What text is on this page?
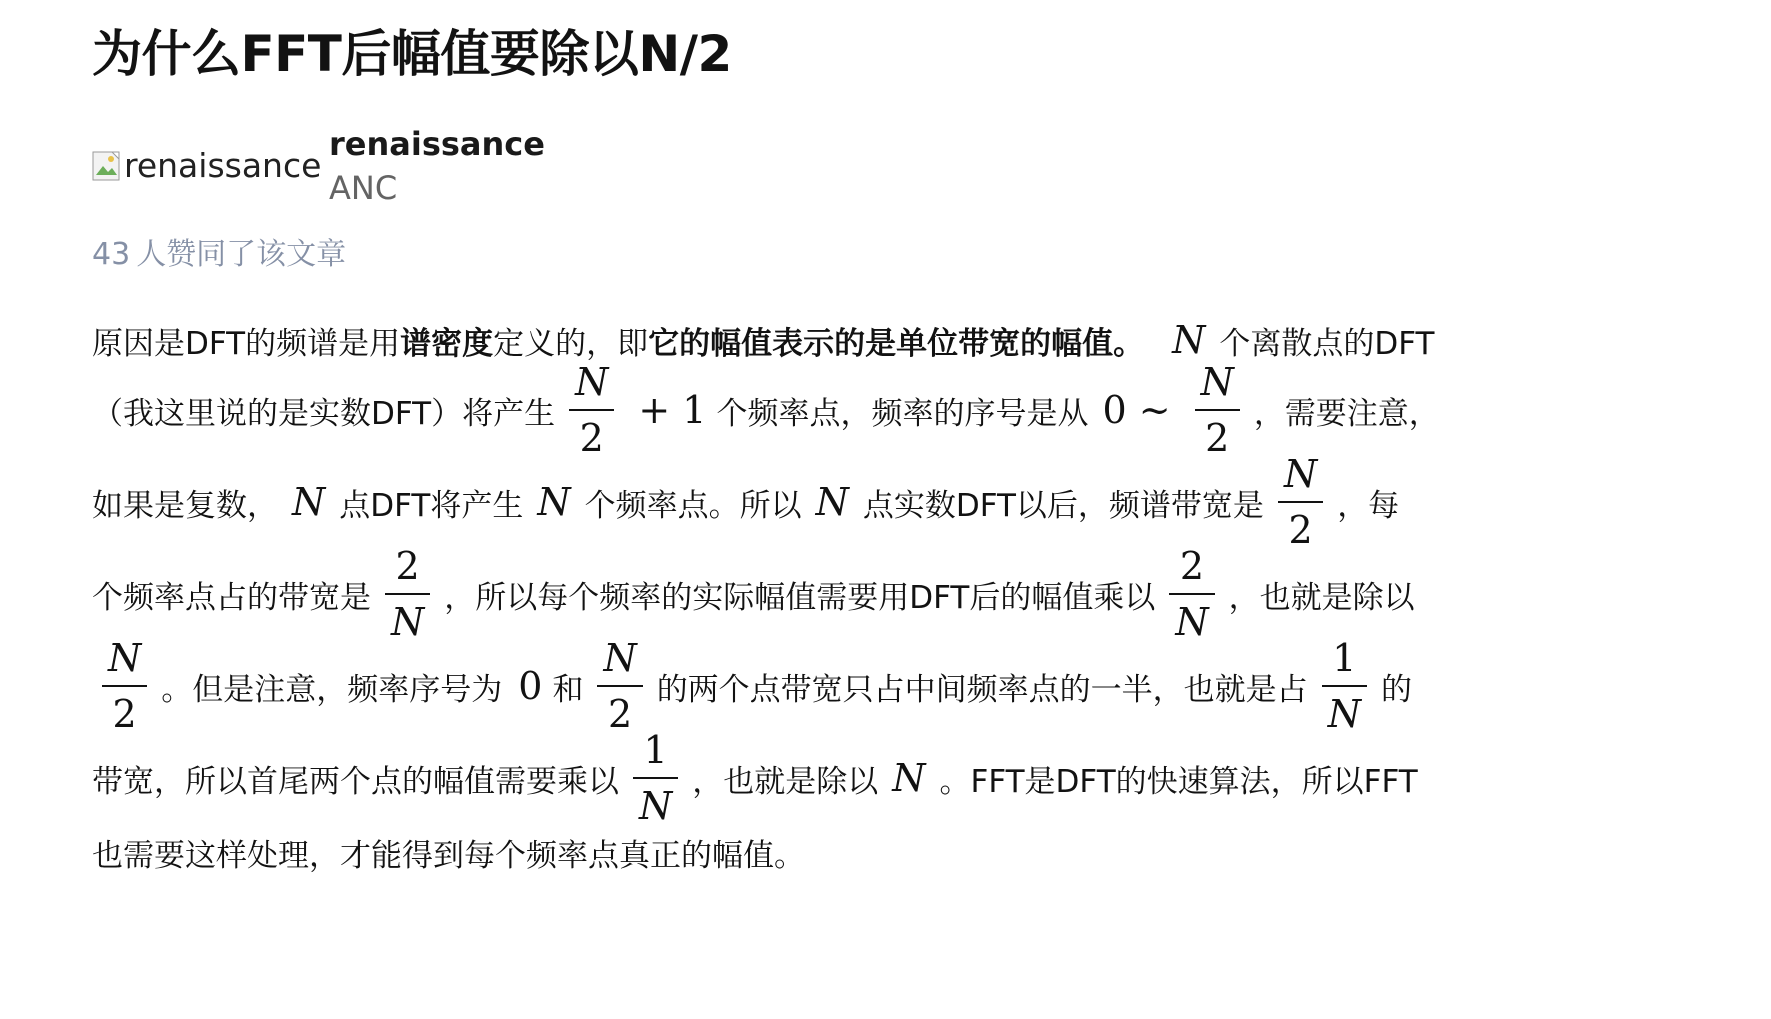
为什么FFT后幅值要除以N/2
renaissance

renaissance

ANC

43 人赞同了该文章
原因是DFT的频谱是用 谱密度 定义的，即 它的幅值表示的是单位带宽的幅值。 N 个离散点的DFT
（我这里说的是实数DFT）将产生 $\frac{N}{2} + 1$ 个频率点，频率的序号是从 0 ∼ $\frac{N}{2}$ ，需要注意，
如果是复数， N 点DFT将产生 N 个频率点。所以 N 点实数DFT以后，频谱带宽是 $\frac{N}{2}$ ，每
个频率点占的带宽是 $\frac{2}{N}$ ，所以每个频率的实际幅值需要用DFT后的幅值乘以 $\frac{2}{N}$ ，也就是除以
$\frac{N}{2}$ 。但是注意，频率序号为 0 和 $\frac{N}{2}$ 的两个点带宽只占中间频率点的一半，也就是占 $\frac{1}{N}$ 的
带宽，所以首尾两个点的幅值需要乘以 $\frac{1}{N}$ ，也就是除以 N 。FFT是DFT的快速算法，所以FFT
也需要这样处理，才能得到每个频率点真正的幅值。
